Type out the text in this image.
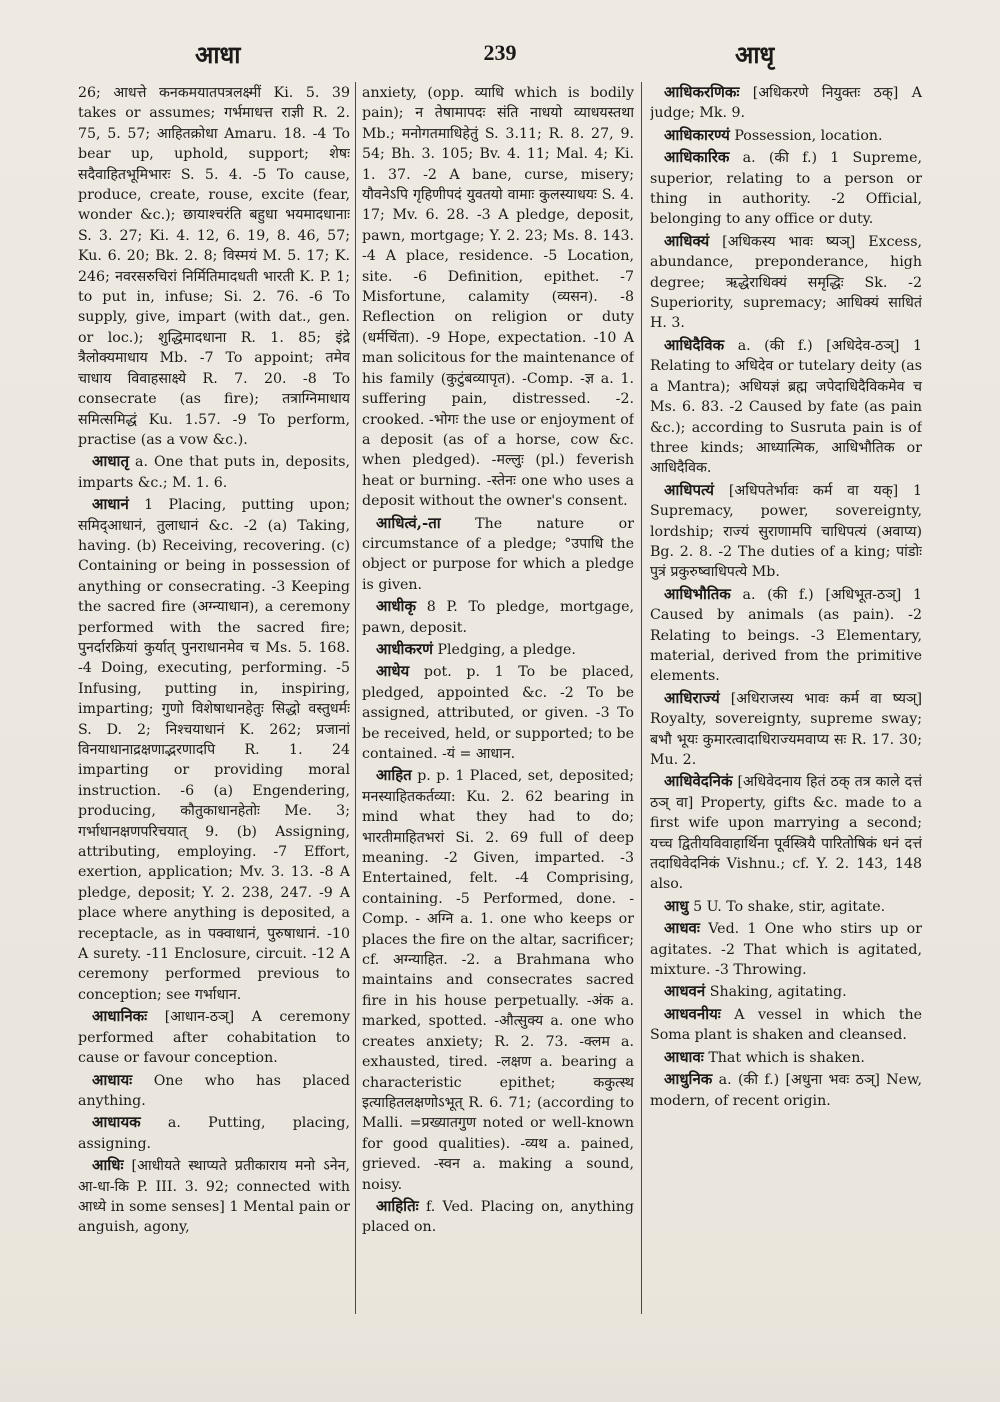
आधा	239	आधृ

26; आधत्ते कनकमयातपत्रलक्ष्मीं Ki. 5. 39 takes or assumes; गर्भमाधत्त राज्ञी R. 2. 75, 5. 57; आहितक्रोधा Amaru. 18. -4 To bear up, uphold, support; शेषः सदैवाहितभूमिभारः S. 5. 4. -5 To cause, produce, create, rouse, excite (fear, wonder &c.); छायाश्चरंति बहुधा भयमादधानाः S. 3. 27; Ki. 4. 12, 6. 19, 8. 46, 57; Ku. 6. 20; Bk. 2. 8; विस्मयं M. 5. 17; K. 246; नवरसरुचिरां निर्मितिमादधती भारती K. P. 1; to put in, infuse; Si. 2. 76. -6 To supply, give, impart (with dat., gen. or loc.); शुद्धिमादधाना R. 1. 85; इंद्रे त्रैलोक्यमाधाय Mb. -7 To appoint; तमेव चाधाय विवाहसाक्ष्ये R. 7. 20. -8 To consecrate (as fire); तत्राग्निमाधाय समित्समिद्धं Ku. 1.57. -9 To perform, practise (as a vow &c.).

आधातृ a. One that puts in, deposits, imparts &c.; M. 1. 6.

आधानं 1 Placing, putting upon; समिद्आधानं, तुलाधानं &c. -2 (a) Taking, having. (b) Receiving, recovering. (c) Containing or being in possession of anything or consecrating. -3 Keeping the sacred fire (अग्न्याधान), a ceremony performed with the sacred fire; पुनर्दारक्रियां कुर्यात् पुनराधानमेव च Ms. 5. 168. -4 Doing, executing, performing. -5 Infusing, putting in, inspiring, imparting; गुणो विशेषाधानहेतुः सिद्धो वस्तुधर्मः S. D. 2; निश्चयाधानं K. 262; प्रजानां विनयाधानाद्रक्षणाद्भरणादपि R. 1. 24 imparting or providing moral instruction. -6 (a) Engendering, producing, कौतुकाधानहेतोः Me. 3; गर्भाधानक्षणपरिचयात् 9. (b) Assigning, attributing, employing. -7 Effort, exertion, application; Mv. 3. 13. -8 A pledge, deposit; Y. 2. 238, 247. -9 A place where anything is deposited, a receptacle, as in पक्वाधानं, पुरुषाधानं. -10 A surety. -11 Enclosure, circuit. -12 A ceremony performed previous to conception; see गर्भाधान.

आधानिकः [आधान-ठञ्] A ceremony performed after cohabitation to cause or favour conception.

आधायः One who has placed anything.

आधायक a. Putting, placing, assigning.

आधिः [आधीयते स्थाप्यते प्रतीकाराय मनो ऽनेन, आ-धा-कि P. III. 3. 92; connected with आध्ये in some senses] 1 Mental pain or anguish, agony,

anxiety, (opp. व्याधि which is bodily pain); न तेषामापदः संति नाधयो व्याधयस्तथा Mb.; मनोगतमाधिहेतुं S. 3.11; R. 8. 27, 9. 54; Bh. 3. 105; Bv. 4. 11; Mal. 4; Ki. 1. 37. -2 A bane, curse, misery; यौवनेऽपि गृहिणीपदं युवतयो वामाः कुलस्याधयः S. 4. 17; Mv. 6. 28. -3 A pledge, deposit, pawn, mortgage; Y. 2. 23; Ms. 8. 143. -4 A place, residence. -5 Location, site. -6 Definition, epithet. -7 Misfortune, calamity (व्यसन). -8 Reflection on religion or duty (धर्मचिंता). -9 Hope, expectation. -10 A man solicitous for the maintenance of his family (कुटुंबव्यापृत). -Comp. -ज्ञ a. 1. suffering pain, distressed. -2. crooked. -भोगः the use or enjoyment of a deposit (as of a horse, cow &c. when pledged). -मल्लुः (pl.) feverish heat or burning. -स्तेनः one who uses a deposit without the owner's consent.

आधित्वं,-ता The nature or circumstance of a pledge; °उपाधि the object or purpose for which a pledge is given.

आधीकृ 8 P. To pledge, mortgage, pawn, deposit.

आधीकरणं Pledging, a pledge.

आधेय pot. p. 1 To be placed, pledged, appointed &c. -2 To be assigned, attributed, or given. -3 To be received, held, or supported; to be contained. -यं = आधान.

आहित p. p. 1 Placed, set, deposited; मनस्याहितकर्तव्या: Ku. 2. 62 bearing in mind what they had to do; भारतीमाहितभरां Si. 2. 69 full of deep meaning. -2 Given, imparted. -3 Entertained, felt. -4 Comprising, containing. -5 Performed, done. -Comp. - अग्नि a. 1. one who keeps or places the fire on the altar, sacrificer; cf. अग्न्याहित. -2. a Brahmana who maintains and consecrates sacred fire in his house perpetually. -अंक a. marked, spotted. -औत्सुक्य a. one who creates anxiety; R. 2. 73. -क्लम a. exhausted, tired. -लक्षण a. bearing a characteristic epithet; ककुत्स्थ इत्याहितलक्षणोऽभूत् R. 6. 71; (according to Malli. =प्रख्यातगुण noted or well-known for good qualities). -व्यथ a. pained, grieved. -स्वन a. making a sound, noisy.

आहितिः f. Ved. Placing on, anything placed on.

आधिकरणिकः [अधिकरणे नियुक्तः ठक्] A judge; Mk. 9.

आधिकारण्यं Possession, location.

आधिकारिक a. (की f.) 1 Supreme, superior, relating to a person or thing in authority. -2 Official, belonging to any office or duty.

आधिक्यं [अधिकस्य भावः ष्यञ्] Excess, abundance, preponderance, high degree; ऋद्धेराधिक्यं समृद्धिः Sk. -2 Superiority, supremacy; आधिक्यं साधितं H. 3.

आधिदैविक a. (की f.) [अधिदेव-ठञ्] 1 Relating to अधिदेव or tutelary deity (as a Mantra); अधियज्ञं ब्रह्म जपेदाधिदैविकमेव च Ms. 6. 83. -2 Caused by fate (as pain &c.); according to Susruta pain is of three kinds; आध्यात्मिक, आधिभौतिक or आधिदैविक.

आधिपत्यं [अधिपतेर्भावः कर्म वा यक्] 1 Supremacy, power, sovereignty, lordship; राज्यं सुराणामपि चाधिपत्यं (अवाप्य) Bg. 2. 8. -2 The duties of a king; पांडोः पुत्रं प्रकुरुष्वाधिपत्ये Mb.

आधिभौतिक a. (की f.) [अधिभूत-ठञ्] 1 Caused by animals (as pain). -2 Relating to beings. -3 Elementary, material, derived from the primitive elements.

आधिराज्यं [अधिराजस्य भावः कर्म वा ष्यञ्] Royalty, sovereignty, supreme sway; बभौ भूयः कुमारत्वादाधिराज्यमवाप्य सः R. 17. 30; Mu. 2.

आधिवेदनिकं [अधिवेदनाय हितं ठक् तत्र काले दत्तं ठञ् वा] Property, gifts &c. made to a first wife upon marrying a second; यच्च द्वितीयविवाहार्थिना पूर्वस्त्रियै पारितोषिकं धनं दत्तं तदाधिवेदनिकं Vishnu.; cf. Y. 2. 143, 148 also.

आधु 5 U. To shake, stir, agitate.

आधवः Ved. 1 One who stirs up or agitates. -2 That which is agitated, mixture. -3 Throwing.

आधवनं Shaking, agitating.

आधवनीयः A vessel in which the Soma plant is shaken and cleansed.

आधावः That which is shaken.

आधुनिक a. (की f.) [अधुना भवः ठञ्] New, modern, of recent origin.
